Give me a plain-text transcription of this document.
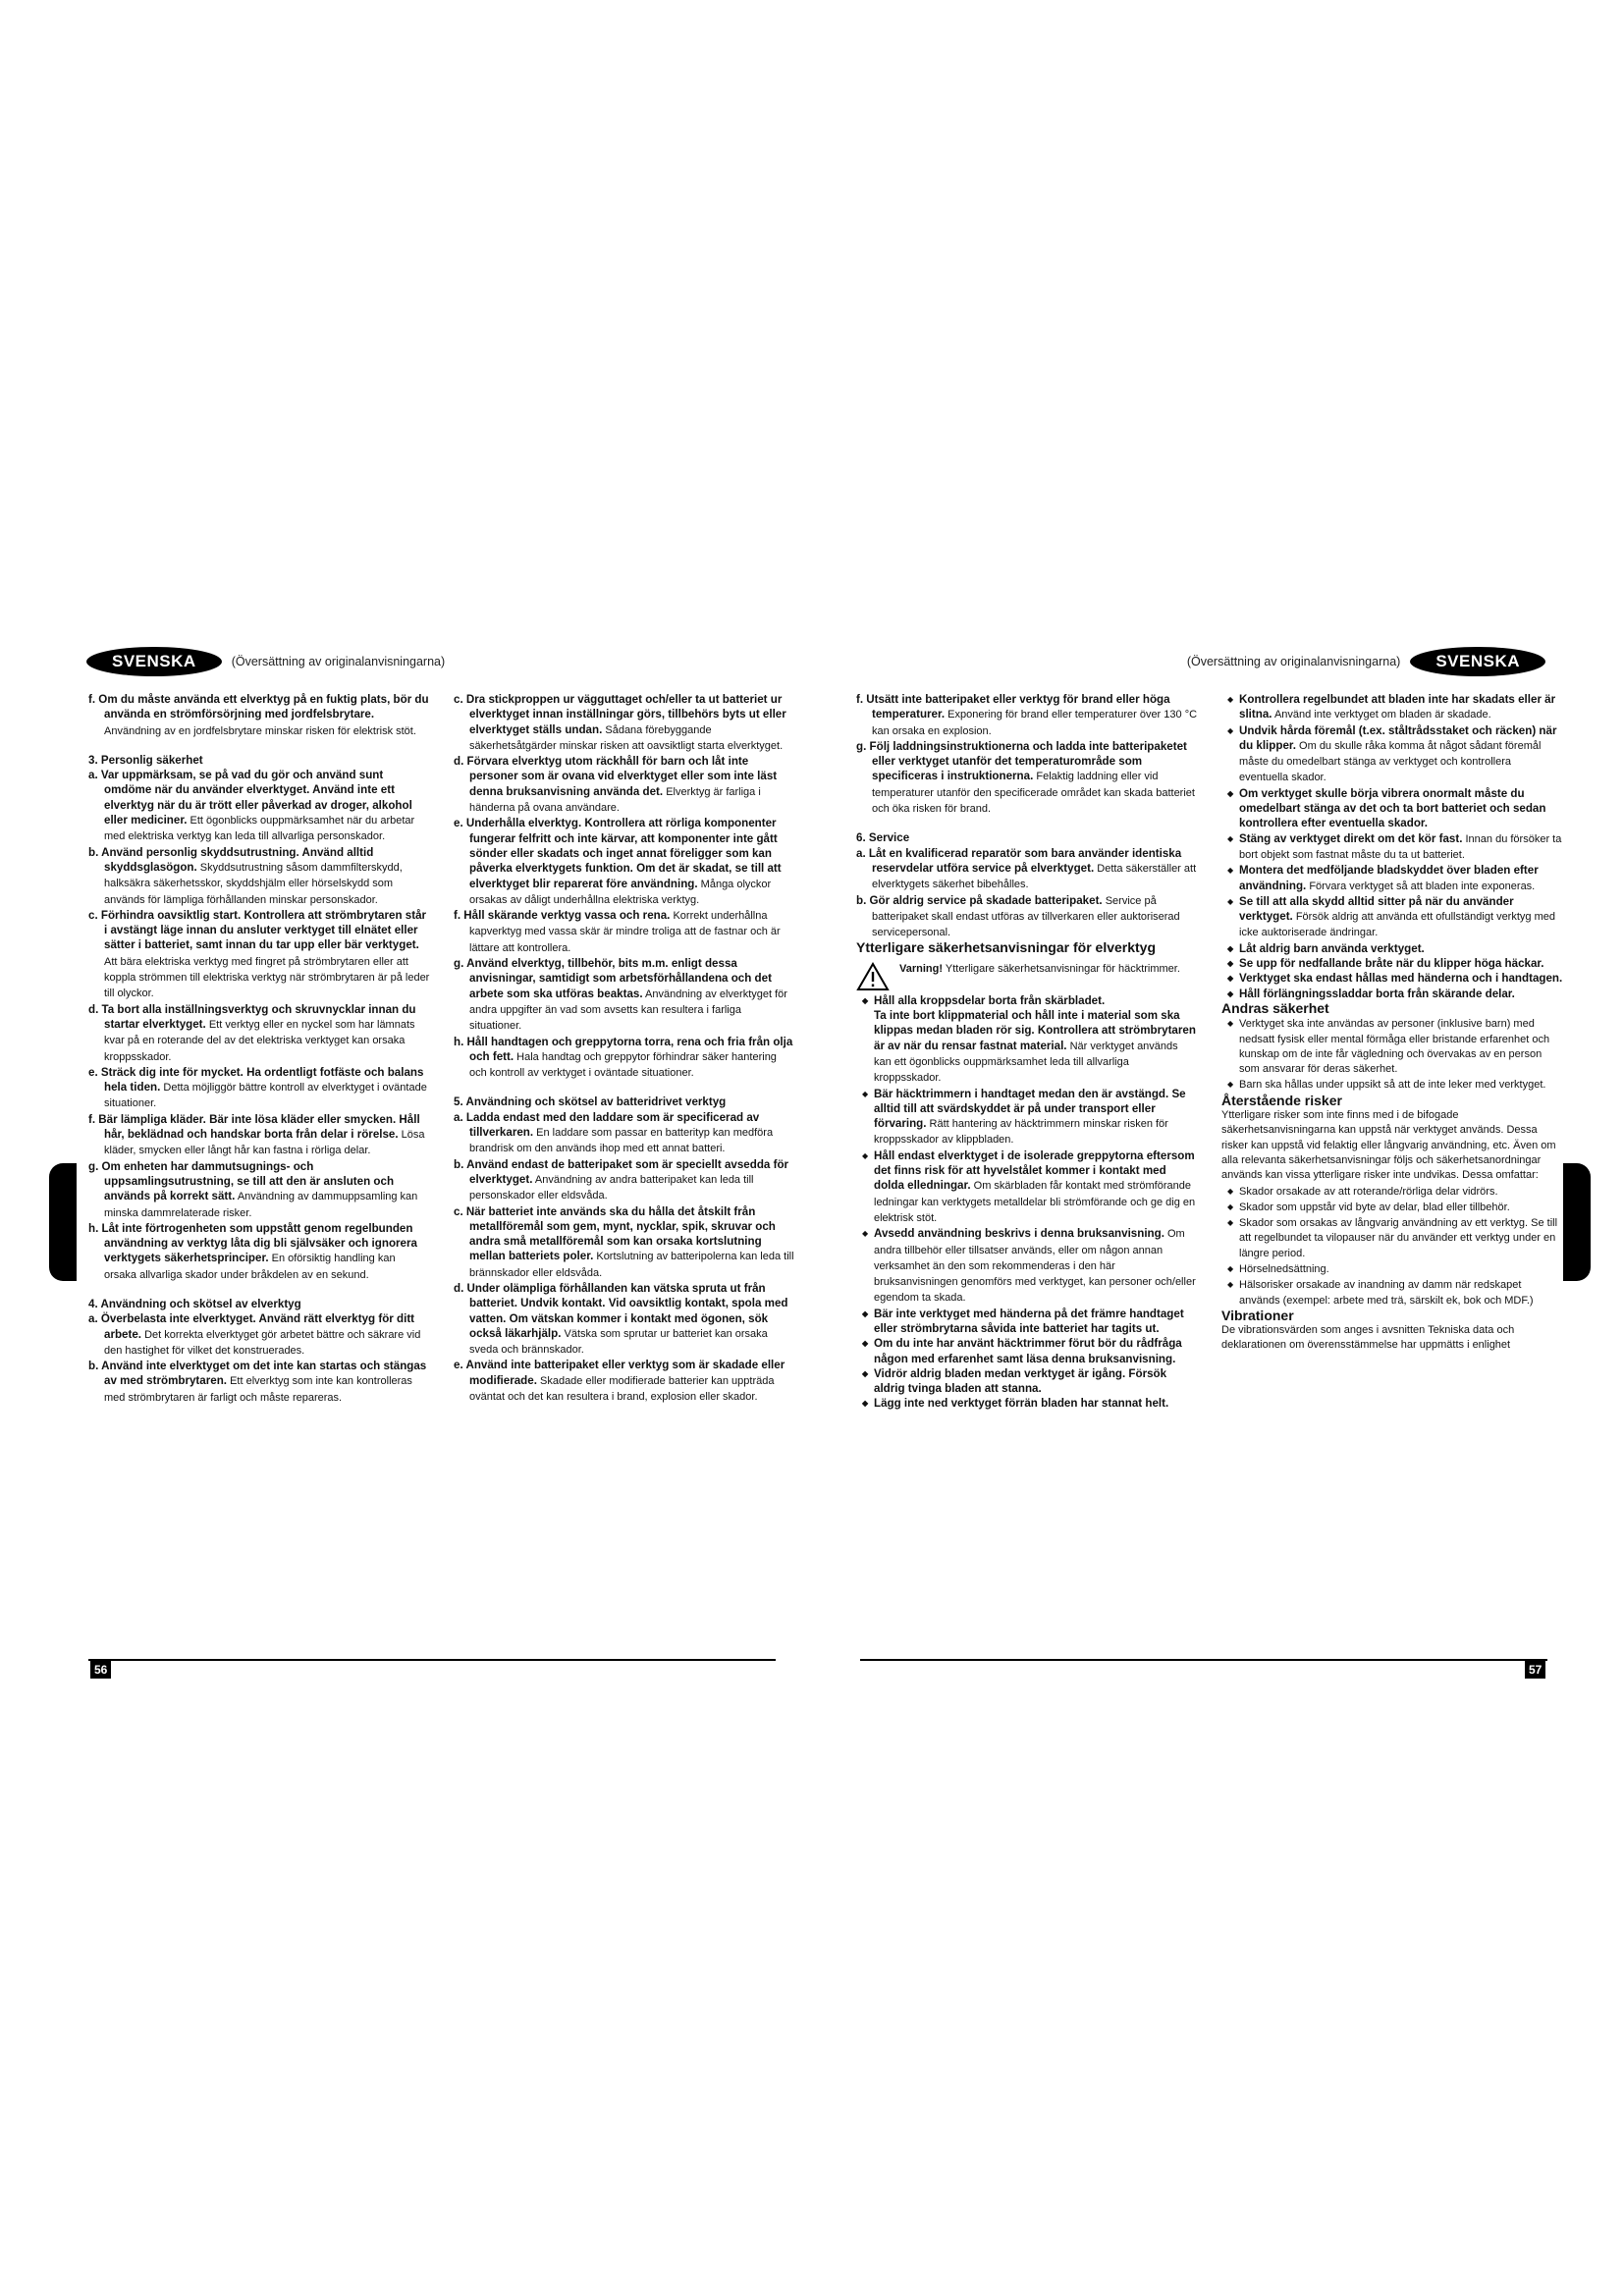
SVENSKA	(Översättning av originalanvisningarna)	(Översättning av originalanvisningarna)	SVENSKA

f. Om du måste använda ett elverktyg på en fuktig plats, bör du använda en strömförsörjning med jordfelsbrytare. Användning av en jordfelsbrytare minskar risken för elektrisk stöt.

3. Personlig säkerhet

a. Var uppmärksam, se på vad du gör och använd sunt omdöme när du använder elverktyget. Använd inte ett elverktyg när du är trött eller påverkad av droger, alkohol eller mediciner. Ett ögonblicks ouppmärksamhet när du arbetar med elektriska verktyg kan leda till allvarliga personskador.

b. Använd personlig skyddsutrustning. Använd alltid skyddsglasögon. Skyddsutrustning såsom dammfilterskydd, halksäkra säkerhetsskor, skyddshjälm eller hörselskydd som används för lämpliga förhållanden minskar personskador.

c. Förhindra oavsiktlig start. Kontrollera att strömbrytaren står i avstängt läge innan du ansluter verktyget till elnätet eller sätter i batteriet, samt innan du tar upp eller bär verktyget. Att bära elektriska verktyg med fingret på strömbrytaren eller att koppla strömmen till elektriska verktyg när strömbrytaren är på leder till olyckor.

d. Ta bort alla inställningsverktyg och skruvnycklar innan du startar elverktyget. Ett verktyg eller en nyckel som har lämnats kvar på en roterande del av det elektriska verktyget kan orsaka kroppsskador.

e. Sträck dig inte för mycket. Ha ordentligt fotfäste och balans hela tiden. Detta möjliggör bättre kontroll av elverktyget i oväntade situationer.

f. Bär lämpliga kläder. Bär inte lösa kläder eller smycken. Håll hår, beklädnad och handskar borta från delar i rörelse. Lösa kläder, smycken eller långt hår kan fastna i rörliga delar.

g. Om enheten har dammutsugnings- och uppsamlingsutrustning, se till att den är ansluten och används på korrekt sätt. Användning av dammuppsamling kan minska dammrelaterade risker.

h. Låt inte förtrogenheten som uppstått genom regelbunden användning av verktyg låta dig bli självsäker och ignorera verktygets säkerhetsprinciper. En oförsiktig handling kan orsaka allvarliga skador under bråkdelen av en sekund.

4. Användning och skötsel av elverktyg

a. Överbelasta inte elverktyget. Använd rätt elverktyg för ditt arbete. Det korrekta elverktyget gör arbetet bättre och säkrare vid den hastighet för vilket det konstruerades.

b. Använd inte elverktyget om det inte kan startas och stängas av med strömbrytaren. Ett elverktyg som inte kan kontrolleras med strömbrytaren är farligt och måste repareras.

c. Dra stickproppen ur vägguttaget och/eller ta ut batteriet ur elverktyget innan inställningar görs, tillbehörs byts ut eller elverktyget ställs undan. Sådana förebyggande säkerhetsåtgärder minskar risken att oavsiktligt starta elverktyget.

d. Förvara elverktyg utom räckhåll för barn och låt inte personer som är ovana vid elverktyget eller som inte läst denna bruksanvisning använda det. Elverktyg är farliga i händerna på ovana användare.

e. Underhålla elverktyg. Kontrollera att rörliga komponenter fungerar felfritt och inte kärvar, att komponenter inte gått sönder eller skadats och inget annat föreligger som kan påverka elverktygets funktion. Om det är skadat, se till att elverktyget blir reparerat före användning. Många olyckor orsakas av dåligt underhållna elektriska verktyg.

f. Håll skärande verktyg vassa och rena. Korrekt underhållna kapverktyg med vassa skär är mindre troliga att de fastnar och är lättare att kontrollera.

g. Använd elverktyg, tillbehör, bits m.m. enligt dessa anvisningar, samtidigt som arbetsförhållandena och det arbete som ska utföras beaktas. Användning av elverktyget för andra uppgifter än vad som avsetts kan resultera i farliga situationer.

h. Håll handtagen och greppytorna torra, rena och fria från olja och fett. Hala handtag och greppytor förhindrar säker hantering och kontroll av verktyget i oväntade situationer.

5. Användning och skötsel av batteridrivet verktyg

a. Ladda endast med den laddare som är specificerad av tillverkaren. En laddare som passar en batterityp kan medföra brandrisk om den används ihop med ett annat batteri.

b. Använd endast de batteripaket som är speciellt avsedda för elverktyget. Användning av andra batteripaket kan leda till personskador eller eldsvåda.

c. När batteriet inte används ska du hålla det åtskilt från metallföremål som gem, mynt, nycklar, spik, skruvar och andra små metallföremål som kan orsaka kortslutning mellan batteriets poler. Kortslutning av batteripolerna kan leda till brännskador eller eldsvåda.

d. Under olämpliga förhållanden kan vätska spruta ut från batteriet. Undvik kontakt. Vid oavsiktlig kontakt, spola med vatten. Om vätskan kommer i kontakt med ögonen, sök också läkarhjälp. Vätska som sprutar ur batteriet kan orsaka sveda och brännskador.

e. Använd inte batteripaket eller verktyg som är skadade eller modifierade. Skadade eller modifierade batterier kan uppträda oväntat och det kan resultera i brand, explosion eller skador.

f. Utsätt inte batteripaket eller verktyg för brand eller höga temperaturer. Exponering för brand eller temperaturer över 130 °C kan orsaka en explosion.

g. Följ laddningsinstruktionerna och ladda inte batteripaketet eller verktyget utanför det temperaturområde som specificeras i instruktionerna. Felaktig laddning eller vid temperaturer utanför den specificerade området kan skada batteriet och öka risken för brand.

6. Service

a. Låt en kvalificerad reparatör som bara använder identiska reservdelar utföra service på elverktyget. Detta säkerställer att elverktygets säkerhet bibehålles.

b. Gör aldrig service på skadade batteripaket. Service på batteripaket skall endast utföras av tillverkaren eller auktoriserad servicepersonal.

Ytterligare säkerhetsanvisningar för elverktyg

Varning! Ytterligare säkerhetsanvisningar för häcktrimmer.

◆ Håll alla kroppsdelar borta från skärbladet.

Ta inte bort klippmaterial och håll inte i material som ska klippas medan bladen rör sig. Kontrollera att strömbrytaren är av när du rensar fastnat material. När verktyget används kan ett ögonblicks ouppmärksamhet leda till allvarliga kroppsskador.

◆ Bär häcktrimmern i handtaget medan den är avstängd. Se alltid till att svärdskyddet är på under transport eller förvaring. Rätt hantering av häcktrimmern minskar risken för kroppsskador av klippbladen.

◆ Håll endast elverktyget i de isolerade greppytorna eftersom det finns risk för att hyvelstålet kommer i kontakt med dolda elledningar. Om skärbladen får kontakt med strömförande ledningar kan verktygets metalldelar bli strömförande och ge dig en elektrisk stöt.

◆ Avsedd användning beskrivs i denna bruksanvisning. Om andra tillbehör eller tillsatser används, eller om någon annan verksamhet än den som rekommenderas i den här bruksanvisningen genomförs med verktyget, kan personer och/eller egendom ta skada.

◆ Bär inte verktyget med händerna på det främre handtaget eller strömbrytarna såvida inte batteriet har tagits ut.

◆ Om du inte har använt häcktrimmer förut bör du rådfråga någon med erfarenhet samt läsa denna bruksanvisning.

◆ Vidrör aldrig bladen medan verktyget är igång. Försök aldrig tvinga bladen att stanna.

◆ Lägg inte ned verktyget förrän bladen har stannat helt.

◆ Kontrollera regelbundet att bladen inte har skadats eller är slitna. Använd inte verktyget om bladen är skadade.

◆ Undvik hårda föremål (t.ex. ståltrådsstaket och räcken) när du klipper. Om du skulle råka komma åt något sådant föremål måste du omedelbart stänga av verktyget och kontrollera eventuella skador.

◆ Om verktyget skulle börja vibrera onormalt måste du omedelbart stänga av det och ta bort batteriet och sedan kontrollera efter eventuella skador.

◆ Stäng av verktyget direkt om det kör fast. Innan du försöker ta bort objekt som fastnat måste du ta ut batteriet.

◆ Montera det medföljande bladskyddet över bladen efter användning. Förvara verktyget så att bladen inte exponeras.

◆ Se till att alla skydd alltid sitter på när du använder verktyget. Försök aldrig att använda ett ofullständigt verktyg med icke auktoriserade ändringar.

◆ Låt aldrig barn använda verktyget.

◆ Se upp för nedfallande bråte när du klipper höga häckar.

◆ Verktyget ska endast hållas med händerna och i handtagen.

◆ Håll förlängningssladdar borta från skärande delar.

Andras säkerhet

◆ Verktyget ska inte användas av personer (inklusive barn) med nedsatt fysisk eller mental förmåga eller bristande erfarenhet och kunskap om de inte får vägledning och övervakas av en person som ansvarar för deras säkerhet.

◆ Barn ska hållas under uppsikt så att de inte leker med verktyget.

Återstående risker

Ytterligare risker som inte finns med i de bifogade säkerhetsanvisningarna kan uppstå när verktyget används. Dessa risker kan uppstå vid felaktig eller långvarig användning, etc. Även om alla relevanta säkerhetsanvisningar följs och säkerhetsanordningar används kan vissa ytterligare risker inte undvikas. Dessa omfattar:

◆ Skador orsakade av att roterande/rörliga delar vidrörs.

◆ Skador som uppstår vid byte av delar, blad eller tillbehör.

◆ Skador som orsakas av långvarig användning av ett verktyg. Se till att regelbundet ta vilopauser när du använder ett verktyg under en längre period.

◆ Hörselnedsättning.

◆ Hälsorisker orsakade av inandning av damm när redskapet används (exempel: arbete med trä, särskilt ek, bok och MDF.)

Vibrationer

De vibrationsvärden som anges i avsnitten Tekniska data och deklarationen om överensstämmelse har uppmätts i enlighet

56	57
